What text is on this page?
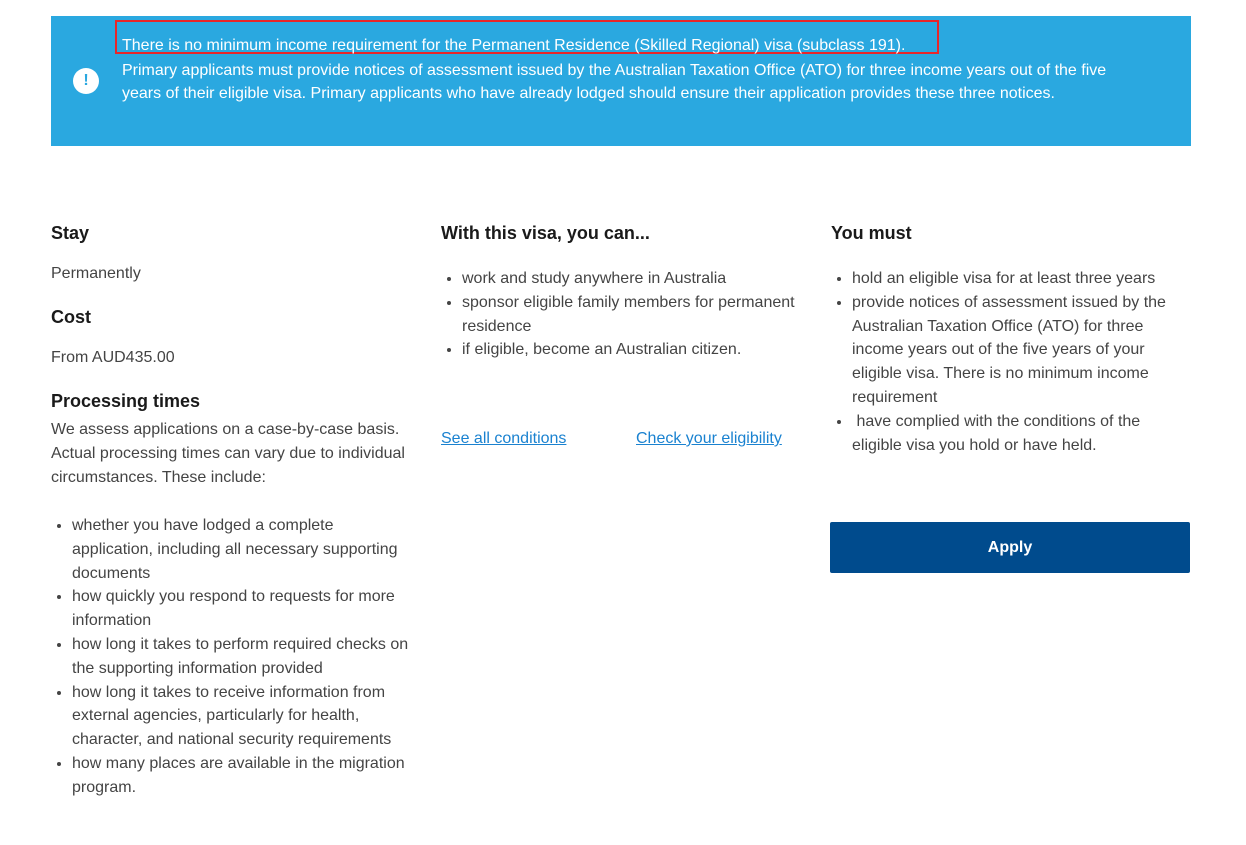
!
There is no minimum income requirement for the Permanent Residence (Skilled Regional) visa (subclass 191).
Primary applicants must provide notices of assessment issued by the Australian Taxation Office (ATO) for three income years out of the five years of their eligible visa. Primary applicants who have already lodged should ensure their application provides these three notices.
Stay

Permanently

Cost

From AUD435.00

Processing times

We assess applications on a case-by-case basis. Actual processing times can vary due to individual circumstances. These include:

• whether you have lodged a complete application, including all necessary supporting documents
• how quickly you respond to requests for more information
• how long it takes to perform required checks on the supporting information provided
• how long it takes to receive information from external agencies, particularly for health, character, and national security requirements
• how many places are available in the migration program.
With this visa, you can...
• work and study anywhere in Australia
• sponsor eligible family members for permanent residence
• if eligible, become an Australian citizen.
See all conditions	Check your eligibility
You must
• hold an eligible visa for at least three years
• provide notices of assessment issued by the Australian Taxation Office (ATO) for three income years out of the five years of your eligible visa. There is no minimum income requirement
•  have complied with the conditions of the eligible visa you hold or have held.
Apply
